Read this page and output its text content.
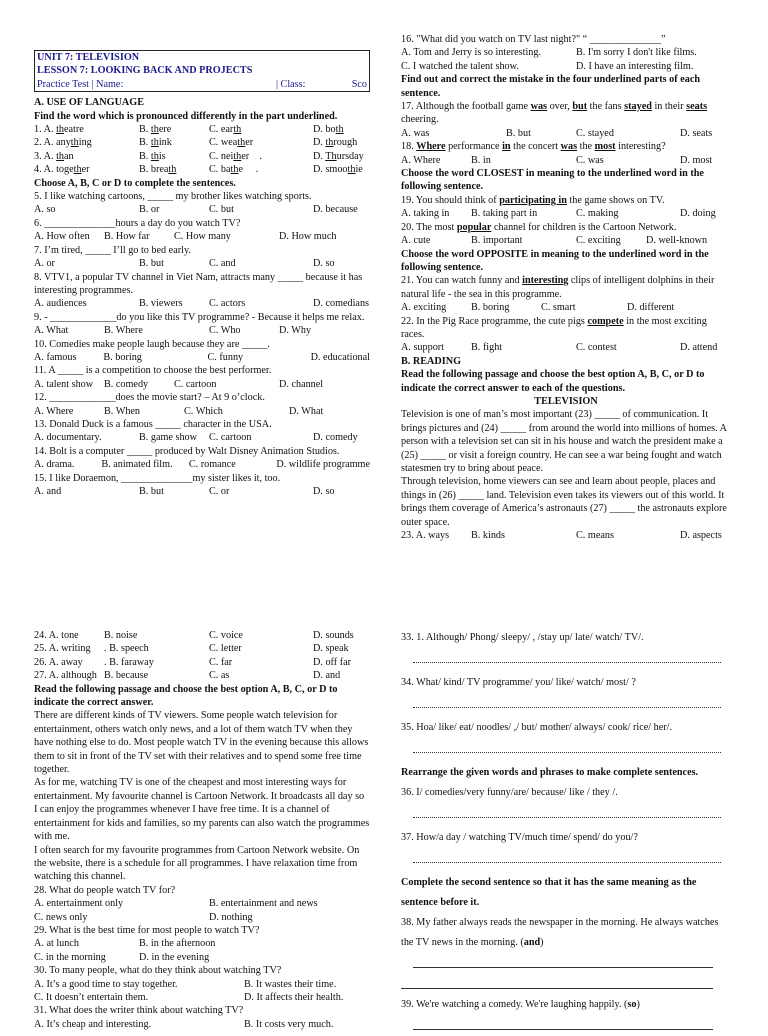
UNIT 7: TELEVISION
LESSON 7: LOOKING BACK AND PROJECTS
Practice Test | Name:	| Class:	Sco

A. USE OF LANGUAGE

Find the word which is pronounced differently in the part underlined.

1. A. theatre	B. there	C. earth	D. both
2. A. anything	B. think	C. weather	D. through
3. A. than	B. this	C. neither    .	D. Thursday
4. A. together	B. breath	C. bathe     .	D. smoothie

Choose A, B, C or D to complete the sentences.

5. I like watching cartoons, _____ my brother likes watching sports.

A. so	B. or	C. but	D. because

6. ______________hours a day do you watch TV?

A. How often	B. How far	C. How many	D. How much

7. I’m tired, _____ I’ll go to bed early.

A. or	B. but	C. and	D. so

8. VTV1, a popular TV channel in Viet Nam, attracts many _____ because it has interesting programmes.

A. audiences	B. viewers	C. actors	D. comedians

9. - _____________do you like this TV programme? - Because it helps me relax.

A. What	B. Where	C. Who	D. Why

10. Comedies make people laugh because they are _____.

A. famous	B. boring	C. funny	D. educational

11. A _____ is a competition to choose the best performer.

A. talent show	B. comedy	C. cartoon	D. channel

12. _____________does the movie start? – At 9 o’clock.

A. Where	B. When	C. Which	D. What

13. Donald Duck is a famous _____ character in the USA.

A. documentary.	B. game show	C. cartoon	D. comedy

14. Bolt is a computer _____ produced by Walt Disney Animation Studios.

A. drama.	B. animated film.	C. romance	D. wildlife programme

15. I like Doraemon, ______________my sister likes it, too.

A. and	B. but	C. or	D. so

16. "What did you watch on TV last night?" “ ______________”

A. Tom and Jerry is so interesting.	B. I'm sorry I don't like films.
C. I watched the talent show.	D. I have an interesting film.

Find out and correct the mistake in the four underlined parts of each sentence.

17. Although the football game was over, but the fans stayed in their seats cheering.

A. was	B. but	C. stayed	D. seats

18. Where performance in the concert was the most interesting?

A. Where	B. in	C. was	D. most

Choose the word CLOSEST in meaning to the underlined word in the following sentence.

19. You should think of participating in the game shows on TV.

A. taking in	B. taking part in	C. making	D. doing

20. The most popular channel for children is the Cartoon Network.

A. cute	B. important	C. exciting	D. well-known

Choose the word OPPOSITE in meaning to the underlined word in the following sentence.

21. You can watch funny and interesting clips of intelligent dolphins in their natural life - the sea in this programme.

A. exciting	B. boring	C. smart	D. different

22. In the Pig Race programme, the cute pigs compete in the most exciting races.

A. support	B. fight	C. contest	D. attend

B. READING

Read the following passage and choose the best option A, B, C, or D to indicate the correct answer to each of the questions.

TELEVISION

Television is one of man’s most important (23) _____ of communication. It brings pictures and (24) _____ from around the world into millions of homes. A person with a television set can sit in his house and watch the president make a (25) _____ or visit a foreign country. He can see a war being fought and watch statesmen try to bring about peace.

Through television, home viewers can see and learn about people, places and things in (26) _____ land. Television even takes its viewers out of this world. It brings them coverage of America’s astronauts (27) _____ the astronauts explore outer space.

23. A. ways	B. kinds	C. means	D. aspects
24. A. tone	B. noise	C. voice	D. sounds
25. A. writing	. B. speech	C. letter	D. speak
26. A. away	. B. faraway	C. far	D. off far
27. A. although B. because	C. as	D. and

Read the following passage and choose the best option A, B, C, or D to indicate the correct answer.

There are different kinds of TV viewers. Some people watch television for entertainment, others watch only news, and a lot of them watch TV when they have nothing else to do. Most people watch TV in the evening because this allows them to sit in front of the TV set with their relatives and to spend some free time together.

As for me, watching TV is one of the cheapest and most interesting ways for entertainment. My favourite channel is Cartoon Network. It broadcasts all day so I can enjoy the programmes whenever I have free time. It is a channel of entertainment for kids and families, so my parents can also watch the programmes with me.

I often search for my favourite programmes from Cartoon Network website. On the website, there is a schedule for all programmes. I have relaxation time from watching this channel.

28. What do people watch TV for?

A. entertainment only	B. entertainment and news
C. news only	D. nothing

29. What is the best time for most people to watch TV?

A. at lunch	B. in the afternoon
C. in the morning	D. in the evening

30. To many people, what do they think about watching TV?

A. It’s a good time to stay together.	B. It wastes their time.
C. It doesn’t entertain them.	D. It affects their health.

31. What does the writer think about watching TV?

A. It’s cheap and interesting.	B. It costs very much.

33. 1. Although/ Phong/ sleepy/ , /stay up/ late/ watch/ TV/.

34. What/ kind/ TV programme/ you/ like/ watch/ most/ ?

35. Hoa/ like/ eat/ noodles/ ,/ but/ mother/ always/ cook/ rice/ her/.

Rearrange the given words and phrases to make complete sentences.

36. I/ comedies/very funny/are/ because/ like / they /.

37. How/a day / watching TV/much time/ spend/ do you/?

Complete the second sentence so that it has the same meaning as the sentence before it.

38. My father always reads the newspaper in the morning. He always watches the TV news in the morning. (and)

39. We're watching a comedy. We're laughing happily. (so)
